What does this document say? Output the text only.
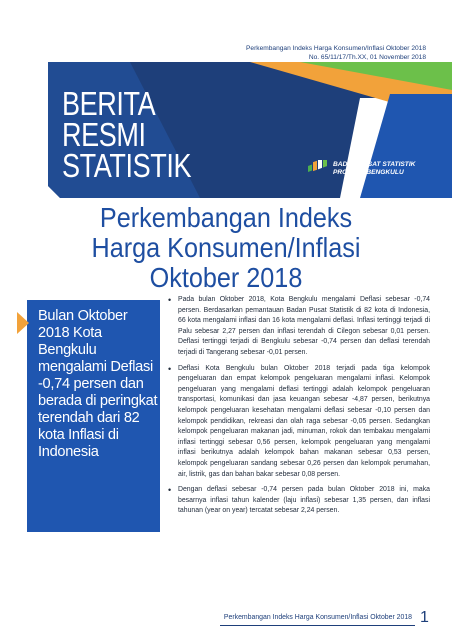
Perkembangan Indeks Harga Konsumen/Inflasi Oktober 2018
No. 65/11/17/Th.XX, 01 November 2018
BERITA
RESMI
STATISTIK	BADAN PUSAT STATISTIK
PROVINSI BENGKULU
Perkembangan Indeks
Harga Konsumen/Inflasi
Oktober 2018
Bulan Oktober 2018 Kota Bengkulu mengalami Deflasi -0,74 persen dan berada di peringkat terendah dari 82 kota Inflasi di Indonesia
• Pada bulan Oktober 2018, Kota Bengkulu mengalami Deflasi sebesar -0,74 persen. Berdasarkan pemantauan Badan Pusat Statistik di 82 kota di Indonesia, 66 kota mengalami inflasi dan 16 kota mengalami deflasi. Inflasi tertinggi terjadi di Palu sebesar 2,27 persen dan inflasi terendah di Cilegon sebesar 0,01 persen. Deflasi tertinggi terjadi di Bengkulu sebesar -0,74 persen dan deflasi terendah terjadi di Tangerang sebesar -0,01 persen.
• Deflasi Kota Bengkulu bulan Oktober 2018 terjadi pada tiga kelompok pengeluaran dan empat kelompok pengeluaran mengalami inflasi. Kelompok pengeluaran yang mengalami deflasi tertinggi adalah kelompok pengeluaran transportasi, komunikasi dan jasa keuangan sebesar -4,87 persen, berikutnya kelompok pengeluaran kesehatan mengalami deflasi sebesar -0,10 persen dan kelompok pendidikan, rekreasi dan olah raga sebesar -0,05 persen. Sedangkan kelompok pengeluaran makanan jadi, minuman, rokok dan tembakau mengalami inflasi tertinggi sebesar 0,56 persen, kelompok pengeluaran yang mengalami inflasi berikutnya adalah kelompok bahan makanan sebesar 0,53 persen, kelompok pengeluaran sandang sebesar 0,26 persen dan kelompok perumahan, air, listrik, gas dan bahan bakar sebesar 0,08 persen.
• Dengan deflasi sebesar -0,74 persen pada bulan Oktober 2018 ini, maka besarnya inflasi tahun kalender (laju inflasi) sebesar 1,35 persen, dan inflasi tahunan (year on year) tercatat sebesar 2,24 persen.
Perkembangan Indeks Harga Konsumen/Inflasi Oktober 2018 1
